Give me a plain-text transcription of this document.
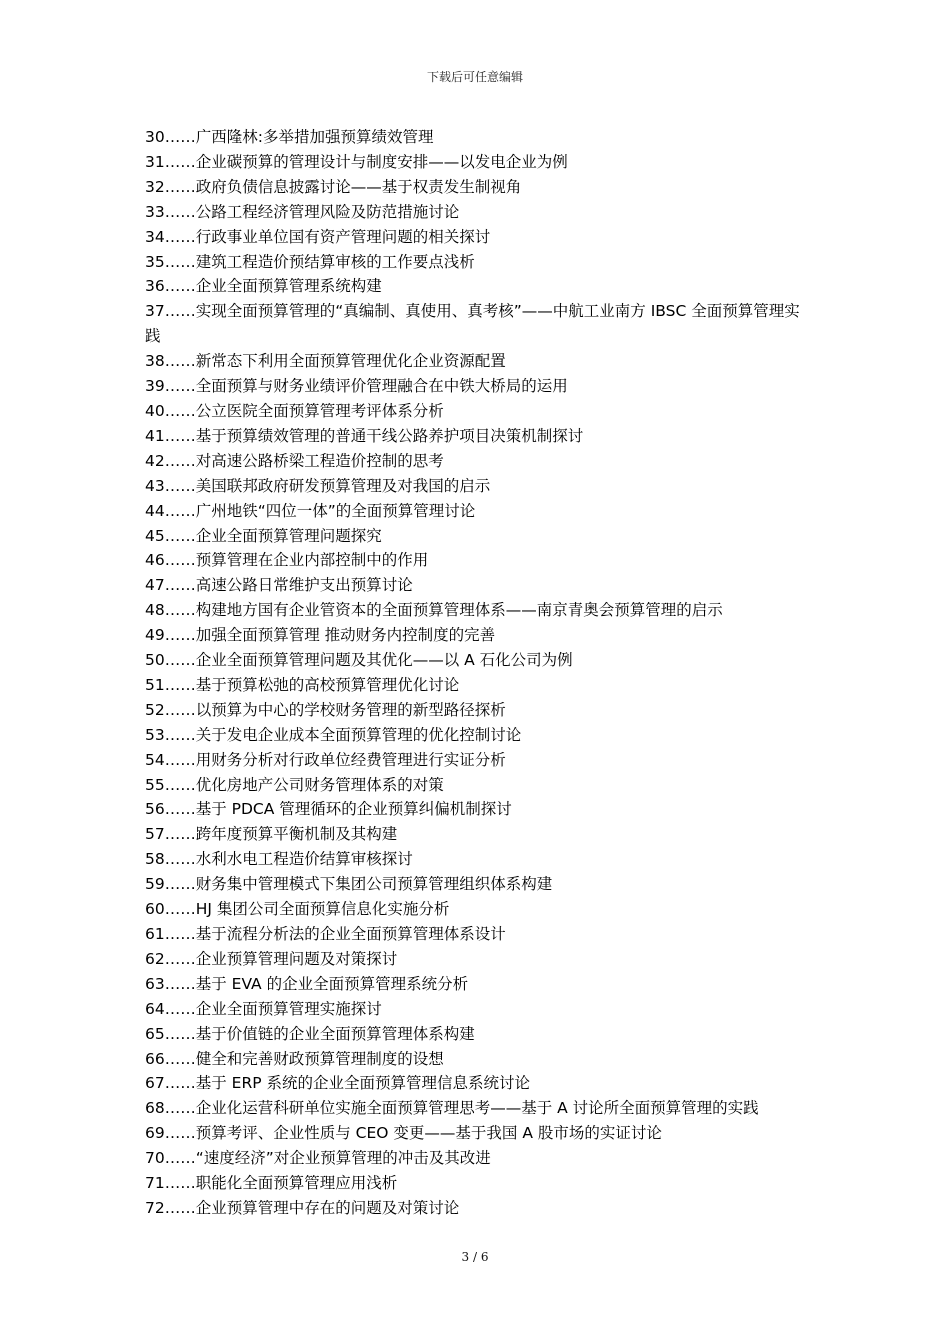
下载后可任意编辑
30……广西隆林:多举措加强预算绩效管理
31……企业碳预算的管理设计与制度安排——以发电企业为例
32……政府负债信息披露讨论——基于权责发生制视角
33……公路工程经济管理风险及防范措施讨论
34……行政事业单位国有资产管理问题的相关探讨
35……建筑工程造价预结算审核的工作要点浅析
36……企业全面预算管理系统构建
37……实现全面预算管理的“真编制、真使用、真考核”——中航工业南方 IBSC 全面预算管理实践
38……新常态下利用全面预算管理优化企业资源配置
39……全面预算与财务业绩评价管理融合在中铁大桥局的运用
40……公立医院全面预算管理考评体系分析
41……基于预算绩效管理的普通干线公路养护项目决策机制探讨
42……对高速公路桥梁工程造价控制的思考
43……美国联邦政府研发预算管理及对我国的启示
44……广州地铁“四位一体”的全面预算管理讨论
45……企业全面预算管理问题探究
46……预算管理在企业内部控制中的作用
47……高速公路日常维护支出预算讨论
48……构建地方国有企业管资本的全面预算管理体系——南京青奥会预算管理的启示
49……加强全面预算管理 推动财务内控制度的完善
50……企业全面预算管理问题及其优化——以 A 石化公司为例
51……基于预算松弛的高校预算管理优化讨论
52……以预算为中心的学校财务管理的新型路径探析
53……关于发电企业成本全面预算管理的优化控制讨论
54……用财务分析对行政单位经费管理进行实证分析
55……优化房地产公司财务管理体系的对策
56……基于 PDCA 管理循环的企业预算纠偏机制探讨
57……跨年度预算平衡机制及其构建
58……水利水电工程造价结算审核探讨
59……财务集中管理模式下集团公司预算管理组织体系构建
60……HJ 集团公司全面预算信息化实施分析
61……基于流程分析法的企业全面预算管理体系设计
62……企业预算管理问题及对策探讨
63……基于 EVA 的企业全面预算管理系统分析
64……企业全面预算管理实施探讨
65……基于价值链的企业全面预算管理体系构建
66……健全和完善财政预算管理制度的设想
67……基于 ERP 系统的企业全面预算管理信息系统讨论
68……企业化运营科研单位实施全面预算管理思考——基于 A 讨论所全面预算管理的实践
69……预算考评、企业性质与 CEO 变更——基于我国 A 股市场的实证讨论
70……“速度经济”对企业预算管理的冲击及其改进
71……职能化全面预算管理应用浅析
72……企业预算管理中存在的问题及对策讨论
3 / 6
